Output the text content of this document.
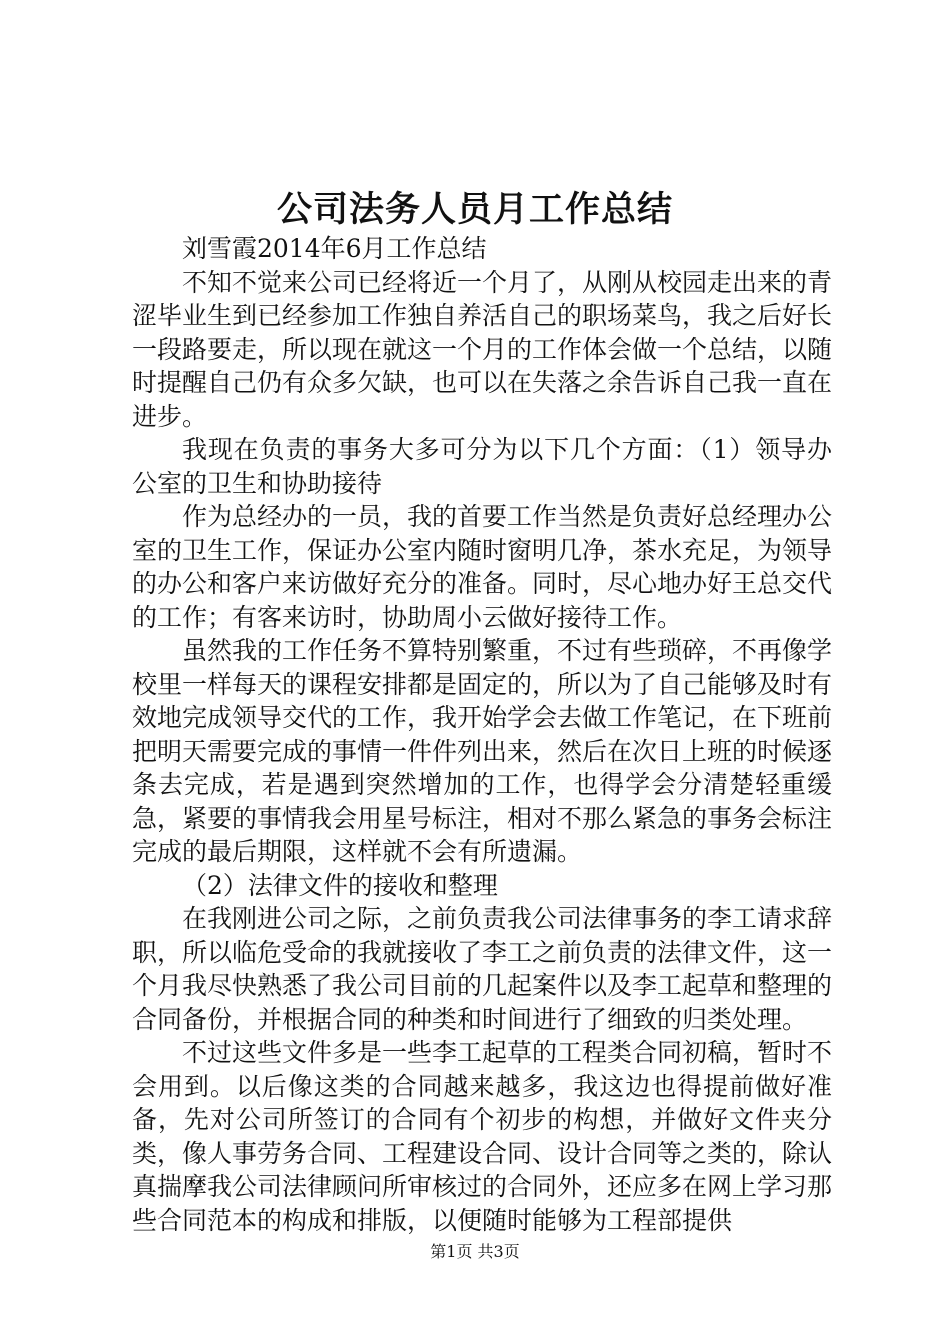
公司法务人员月工作总结

刘雪霞2014年6月工作总结

不知不觉来公司已经将近一个月了，从刚从校园走出来的青涩毕业生到已经参加工作独自养活自己的职场菜鸟，我之后好长一段路要走，所以现在就这一个月的工作体会做一个总结，以随时提醒自己仍有众多欠缺，也可以在失落之余告诉自己我一直在进步。

我现在负责的事务大多可分为以下几个方面：（1）领导办公室的卫生和协助接待

作为总经办的一员，我的首要工作当然是负责好总经理办公室的卫生工作，保证办公室内随时窗明几净，茶水充足，为领导的办公和客户来访做好充分的准备。同时，尽心地办好王总交代的工作；有客来访时，协助周小云做好接待工作。

虽然我的工作任务不算特别繁重，不过有些琐碎，不再像学校里一样每天的课程安排都是固定的，所以为了自己能够及时有效地完成领导交代的工作，我开始学会去做工作笔记，在下班前把明天需要完成的事情一件件列出来，然后在次日上班的时候逐条去完成，若是遇到突然增加的工作，也得学会分清楚轻重缓急，紧要的事情我会用星号标注，相对不那么紧急的事务会标注完成的最后期限，这样就不会有所遗漏。

（2）法律文件的接收和整理

在我刚进公司之际，之前负责我公司法律事务的李工请求辞职，所以临危受命的我就接收了李工之前负责的法律文件，这一个月我尽快熟悉了我公司目前的几起案件以及李工起草和整理的合同备份，并根据合同的种类和时间进行了细致的归类处理。

不过这些文件多是一些李工起草的工程类合同初稿，暂时不会用到。以后像这类的合同越来越多，我这边也得提前做好准备，先对公司所签订的合同有个初步的构想，并做好文件夹分类，像人事劳务合同、工程建设合同、设计合同等之类的，除认真揣摩我公司法律顾问所审核过的合同外，还应多在网上学习那些合同范本的构成和排版，以便随时能够为工程部提供

第1页 共3页
